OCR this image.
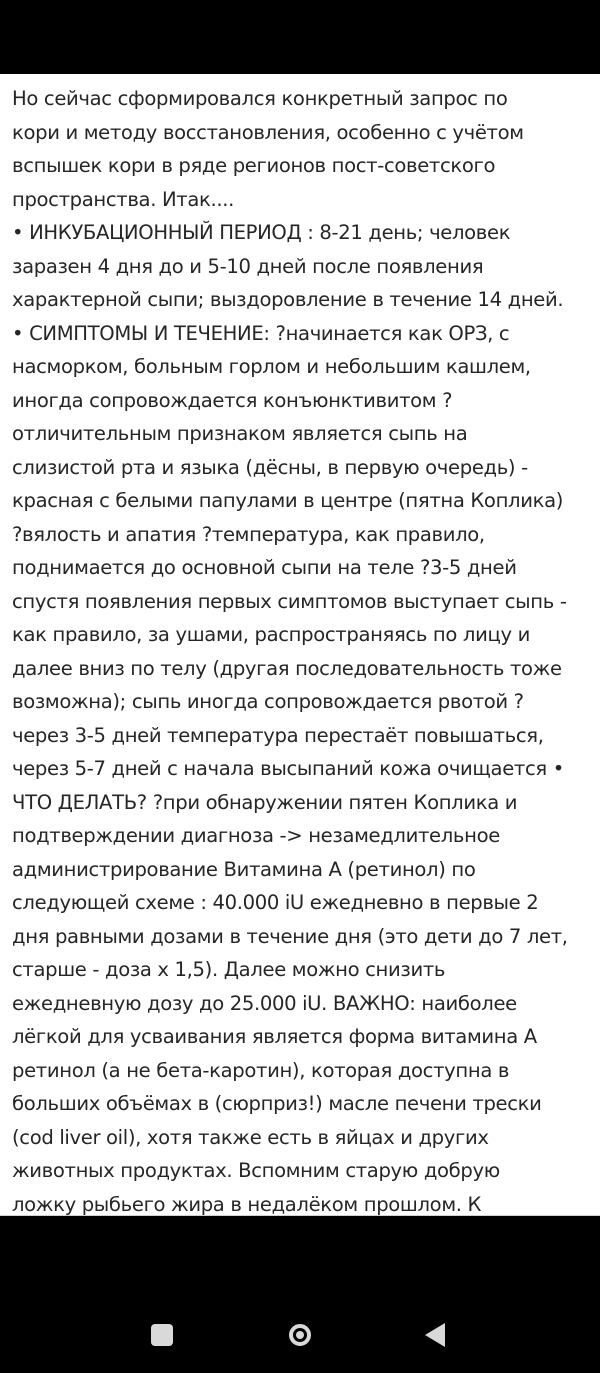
Но сейчас сформировался конкретный запрос по
кори и методу восстановления, особенно с учётом
вспышек кори в ряде регионов пост-советского
пространства. Итак....
• ИНКУБАЦИОННЫЙ ПЕРИОД : 8-21 день; человек
заразен 4 дня до и 5-10 дней после появления
характерной сыпи; выздоровление в течение 14 дней.
• СИМПТОМЫ И ТЕЧЕНИЕ: ?начинается как ОРЗ, с
насморком, больным горлом и небольшим кашлем,
иногда сопровождается конъюнктивитом ?
отличительным признаком является сыпь на
слизистой рта и языка (дёсны, в первую очередь) -
красная с белыми папулами в центре (пятна Коплика)
?вялость и апатия ?температура, как правило,
поднимается до основной сыпи на теле ?3-5 дней
спустя появления первых симптомов выступает сыпь -
как правило, за ушами, распространяясь по лицу и
далее вниз по телу (другая последовательность тоже
возможна); сыпь иногда сопровождается рвотой ?
через 3-5 дней температура перестаёт повышаться,
через 5-7 дней с начала высыпаний кожа очищается •
ЧТО ДЕЛАТЬ? ?при обнаружении пятен Коплика и
подтверждении диагноза -> незамедлительное
администрирование Витамина А (ретинол) по
следующей схеме : 40.000 iU ежедневно в первые 2
дня равными дозами в течение дня (это дети до 7 лет,
старше - доза х 1,5). Далее можно снизить
ежедневную дозу до 25.000 iU. ВАЖНО: наиболее
лёгкой для усваивания является форма витамина А
ретинол (а не бета-каротин), которая доступна в
больших объёмах в (сюрприз!) масле печени трески
(cod liver oil), хотя также есть в яйцах и других
животных продуктах. Вспомним старую добрую
ложку рыбьего жира в недалёком прошлом. К
